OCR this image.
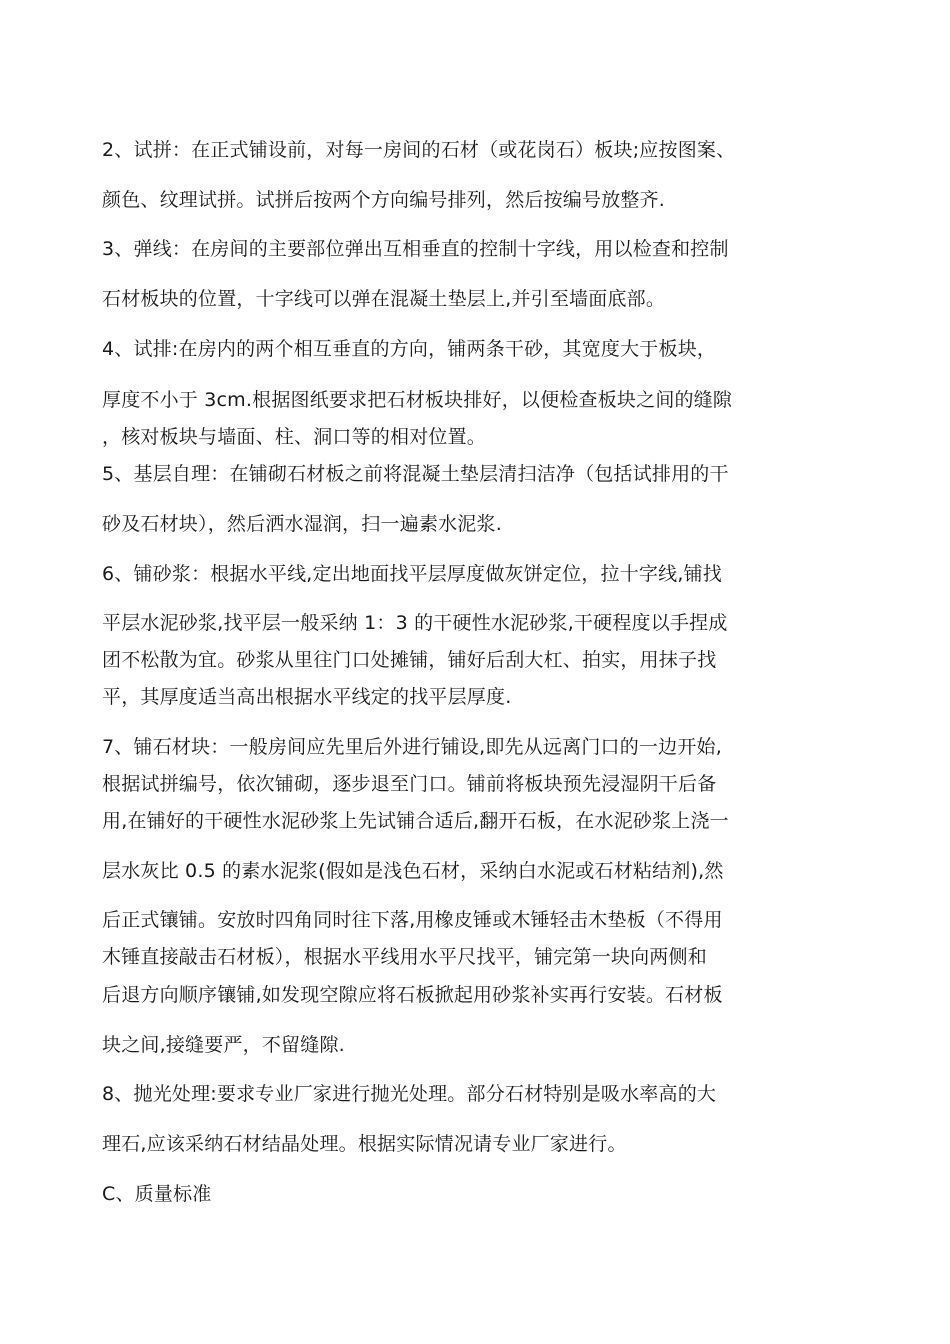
2、试拼：在正式铺设前，对每一房间的石材（或花岗石）板块;应按图案、
颜色、纹理试拼。试拼后按两个方向编号排列，然后按编号放整齐.
3、弹线：在房间的主要部位弹出互相垂直的控制十字线，用以检查和控制
石材板块的位置，十字线可以弹在混凝土垫层上,并引至墙面底部。
4、试排:在房内的两个相互垂直的方向，铺两条干砂，其宽度大于板块，
厚度不小于 3cm.根据图纸要求把石材板块排好，以便检查板块之间的缝隙
，核对板块与墙面、柱、洞口等的相对位置。
5、基层自理：在铺砌石材板之前将混凝土垫层清扫洁净（包括试排用的干
砂及石材块），然后洒水湿润，扫一遍素水泥浆.
6、铺砂浆：根据水平线,定出地面找平层厚度做灰饼定位，拉十字线,铺找
平层水泥砂浆,找平层一般采纳 1：3 的干硬性水泥砂浆,干硬程度以手捏成
团不松散为宜。砂浆从里往门口处摊铺，铺好后刮大杠、拍实，用抹子找
平，其厚度适当高出根据水平线定的找平层厚度.
7、铺石材块：一般房间应先里后外进行铺设,即先从远离门口的一边开始,
根据试拼编号，依次铺砌，逐步退至门口。铺前将板块预先浸湿阴干后备
用,在铺好的干硬性水泥砂浆上先试铺合适后,翻开石板，在水泥砂浆上浇一
层水灰比 0.5 的素水泥浆(假如是浅色石材，采纳白水泥或石材粘结剂),然
后正式镶铺。安放时四角同时往下落,用橡皮锤或木锤轻击木垫板（不得用
木锤直接敲击石材板），根据水平线用水平尺找平，铺完第一块向两侧和
后退方向顺序镶铺,如发现空隙应将石板掀起用砂浆补实再行安装。石材板
块之间,接缝要严，不留缝隙.
8、抛光处理:要求专业厂家进行抛光处理。部分石材特别是吸水率高的大
理石,应该采纳石材结晶处理。根据实际情况请专业厂家进行。
C、质量标准
